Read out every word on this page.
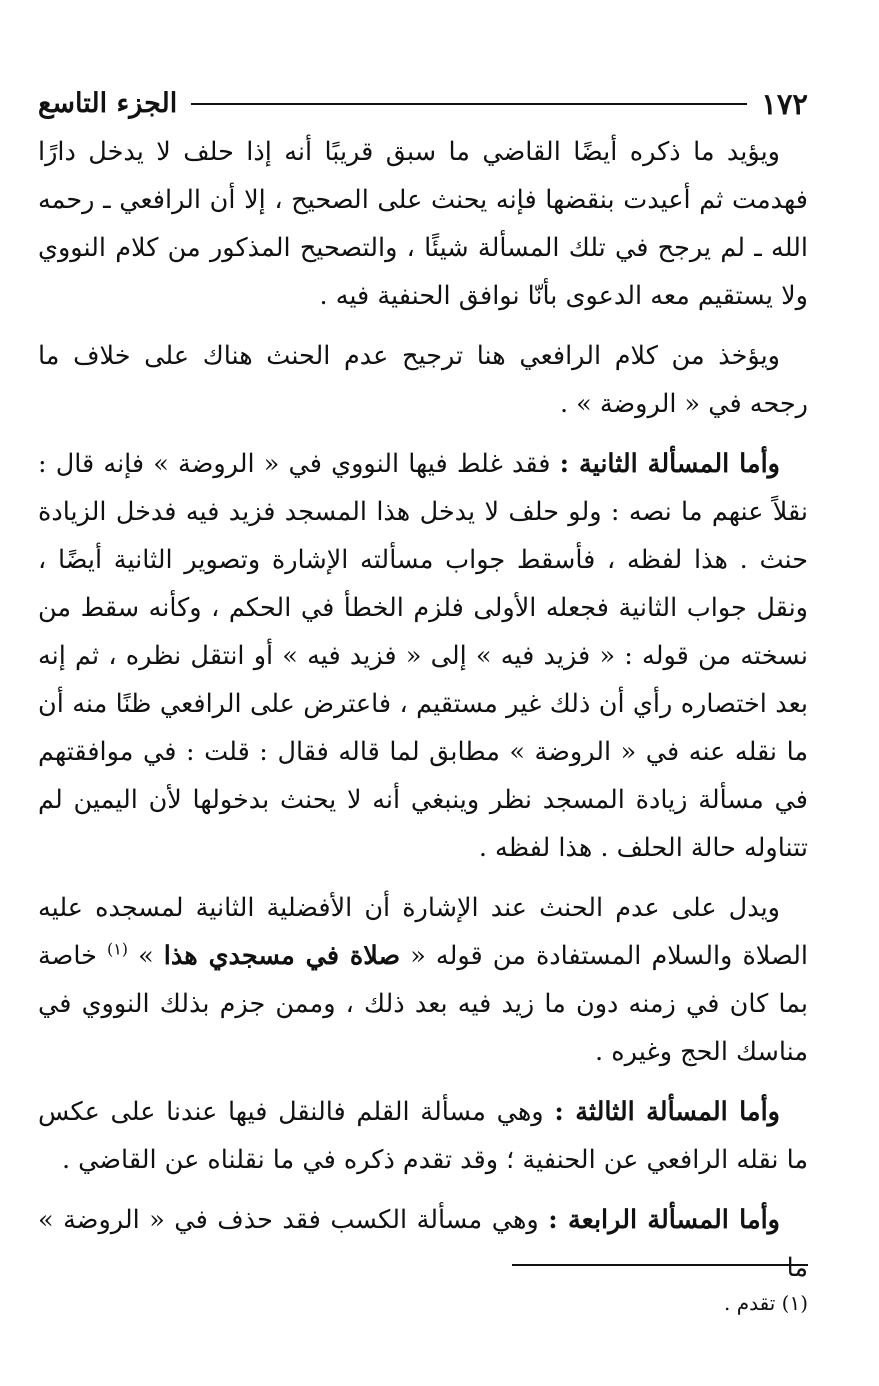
١٧٢
الجزء التاسع

ويؤيد ما ذكره أيضًا القاضي ما سبق قريبًا أنه إذا حلف لا يدخل دارًا فهدمت ثم أعيدت بنقضها فإنه يحنث على الصحيح ، إلا أن الرافعي ـ رحمه الله ـ لم يرجح في تلك المسألة شيئًا ، والتصحيح المذكور من كلام النووي ولا يستقيم معه الدعوى بأنّا نوافق الحنفية فيه .

ويؤخذ من كلام الرافعي هنا ترجيح عدم الحنث هناك على خلاف ما رجحه في « الروضة » .

وأما المسألة الثانية : فقد غلط فيها النووي في « الروضة » فإنه قال : نقلاً عنهم ما نصه : ولو حلف لا يدخل هذا المسجد فزيد فيه فدخل الزيادة حنث . هذا لفظه ، فأسقط جواب مسألته الإشارة وتصوير الثانية أيضًا ، ونقل جواب الثانية فجعله الأولى فلزم الخطأ في الحكم ، وكأنه سقط من نسخته من قوله : « فزيد فيه » إلى « فزيد فيه » أو انتقل نظره ، ثم إنه بعد اختصاره رأي أن ذلك غير مستقيم ، فاعترض على الرافعي ظنًا منه أن ما نقله عنه في « الروضة » مطابق لما قاله فقال : قلت : في موافقتهم في مسألة زيادة المسجد نظر وينبغي أنه لا يحنث بدخولها لأن اليمين لم تتناوله حالة الحلف . هذا لفظه .

ويدل على عدم الحنث عند الإشارة أن الأفضلية الثانية لمسجده عليه الصلاة والسلام المستفادة من قوله « صلاة في مسجدي هذا » $^{(١)}$ خاصة بما كان في زمنه دون ما زيد فيه بعد ذلك ، وممن جزم بذلك النووي في مناسك الحج وغيره .

وأما المسألة الثالثة : وهي مسألة القلم فالنقل فيها عندنا على عكس ما نقله الرافعي عن الحنفية ؛ وقد تقدم ذكره في ما نقلناه عن القاضي .

وأما المسألة الرابعة : وهي مسألة الكسب فقد حذف في « الروضة » ما

(١) تقدم .
